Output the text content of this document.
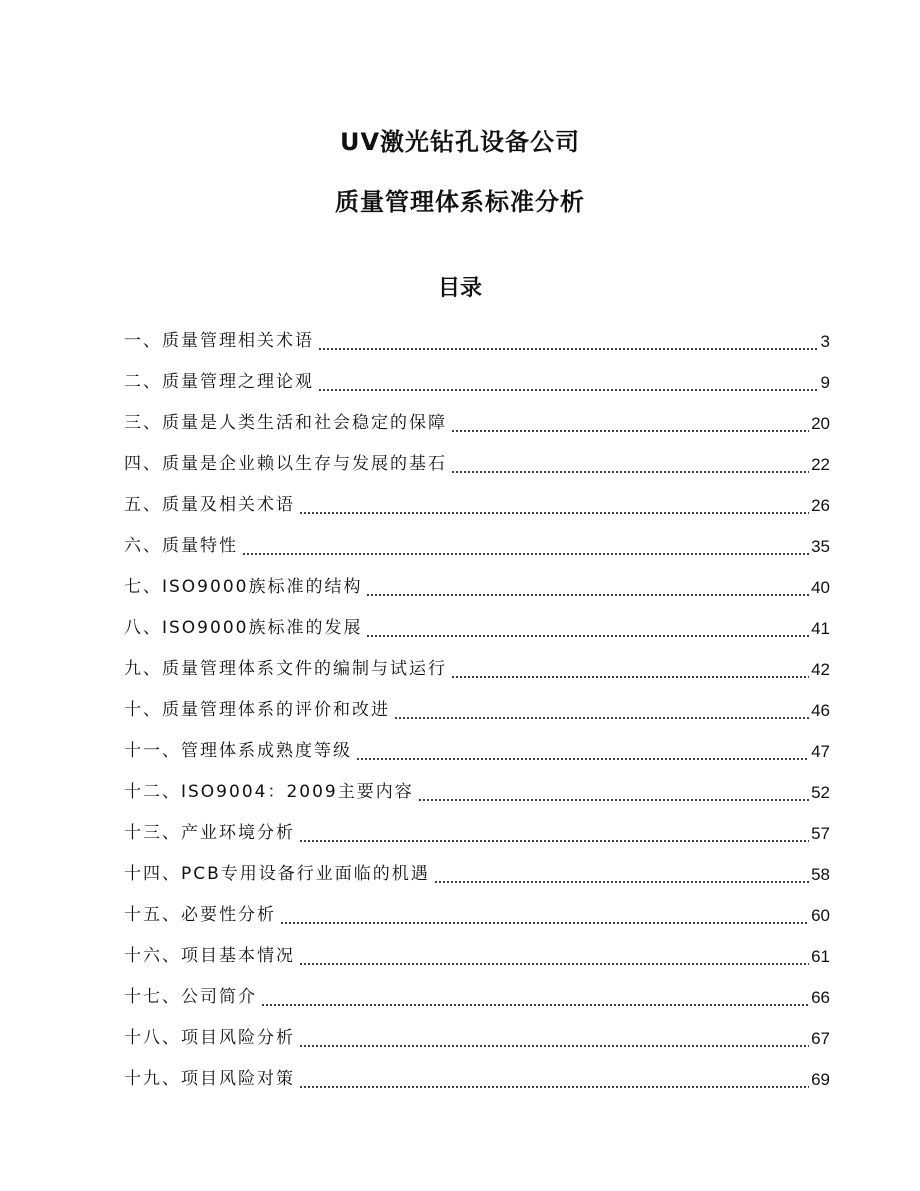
UV激光钻孔设备公司
质量管理体系标准分析
目录
一、 质量管理相关术语	3
二、 质量管理之理论观	9
三、 质量是人类生活和社会稳定的保障	20
四、 质量是企业赖以生存与发展的基石	22
五、 质量及相关术语	26
六、 质量特性	35
七、 ISO9000族标准的结构	40
八、 ISO9000族标准的发展	41
九、 质量管理体系文件的编制与试运行	42
十、 质量管理体系的评价和改进	46
十一、 管理体系成熟度等级	47
十二、 ISO9004：2009主要内容	52
十三、 产业环境分析	57
十四、 PCB专用设备行业面临的机遇	58
十五、 必要性分析	60
十六、 项目基本情况	61
十七、 公司简介	66
十八、 项目风险分析	67
十九、 项目风险对策	69
